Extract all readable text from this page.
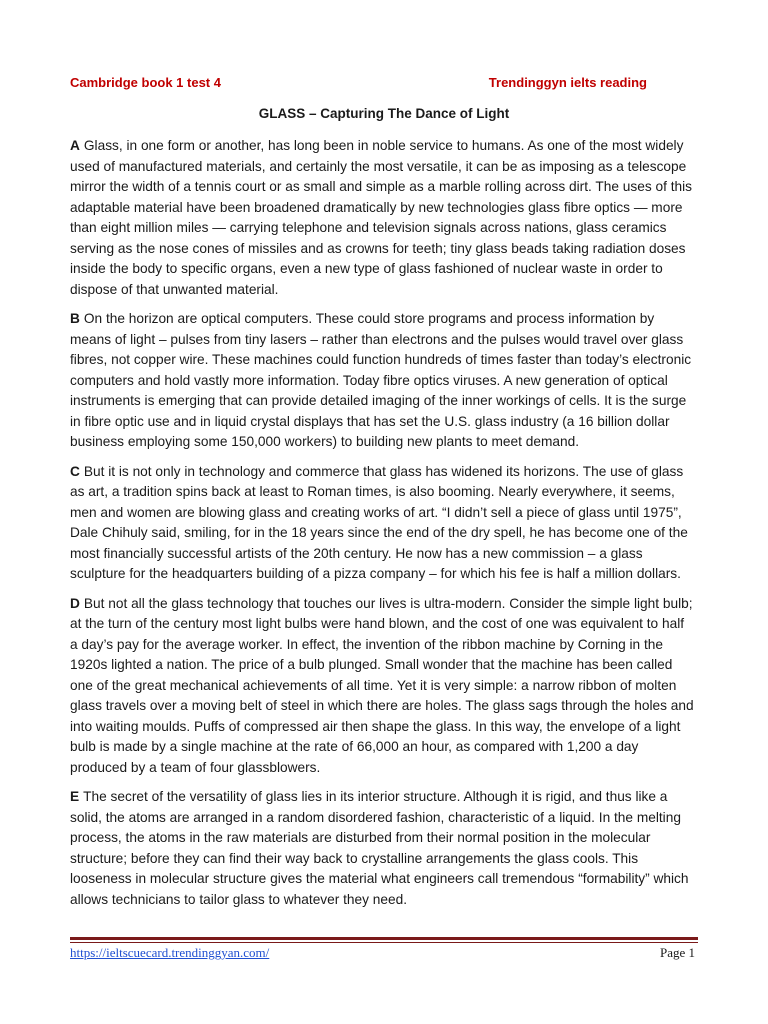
Cambridge book 1 test 4	Trendinggyn ielts reading
GLASS – Capturing The Dance of Light

A Glass, in one form or another, has long been in noble service to humans. As one of the most widely used of manufactured materials, and certainly the most versatile, it can be as imposing as a telescope mirror the width of a tennis court or as small and simple as a marble rolling across dirt. The uses of this adaptable material have been broadened dramatically by new technologies glass fibre optics — more than eight million miles — carrying telephone and television signals across nations, glass ceramics serving as the nose cones of missiles and as crowns for teeth; tiny glass beads taking radiation doses inside the body to specific organs, even a new type of glass fashioned of nuclear waste in order to dispose of that unwanted material.

B On the horizon are optical computers. These could store programs and process information by means of light – pulses from tiny lasers – rather than electrons and the pulses would travel over glass fibres, not copper wire. These machines could function hundreds of times faster than today’s electronic computers and hold vastly more information. Today fibre optics viruses. A new generation of optical instruments is emerging that can provide detailed imaging of the inner workings of cells. It is the surge in fibre optic use and in liquid crystal displays that has set the U.S. glass industry (a 16 billion dollar business employing some 150,000 workers) to building new plants to meet demand.

C But it is not only in technology and commerce that glass has widened its horizons. The use of glass as art, a tradition spins back at least to Roman times, is also booming. Nearly everywhere, it seems, men and women are blowing glass and creating works of art. “I didn’t sell a piece of glass until 1975”, Dale Chihuly said, smiling, for in the 18 years since the end of the dry spell, he has become one of the most financially successful artists of the 20th century. He now has a new commission – a glass sculpture for the headquarters building of a pizza company – for which his fee is half a million dollars.

D But not all the glass technology that touches our lives is ultra-modern. Consider the simple light bulb; at the turn of the century most light bulbs were hand blown, and the cost of one was equivalent to half a day’s pay for the average worker. In effect, the invention of the ribbon machine by Corning in the 1920s lighted a nation. The price of a bulb plunged. Small wonder that the machine has been called one of the great mechanical achievements of all time. Yet it is very simple: a narrow ribbon of molten glass travels over a moving belt of steel in which there are holes. The glass sags through the holes and into waiting moulds. Puffs of compressed air then shape the glass. In this way, the envelope of a light bulb is made by a single machine at the rate of 66,000 an hour, as compared with 1,200 a day produced by a team of four glassblowers.

E The secret of the versatility of glass lies in its interior structure. Although it is rigid, and thus like a solid, the atoms are arranged in a random disordered fashion, characteristic of a liquid. In the melting process, the atoms in the raw materials are disturbed from their normal position in the molecular structure; before they can find their way back to crystalline arrangements the glass cools. This looseness in molecular structure gives the material what engineers call tremendous “formability” which allows technicians to tailor glass to whatever they need.

https://ieltscuecard.trendinggyan.com/	Page 1
